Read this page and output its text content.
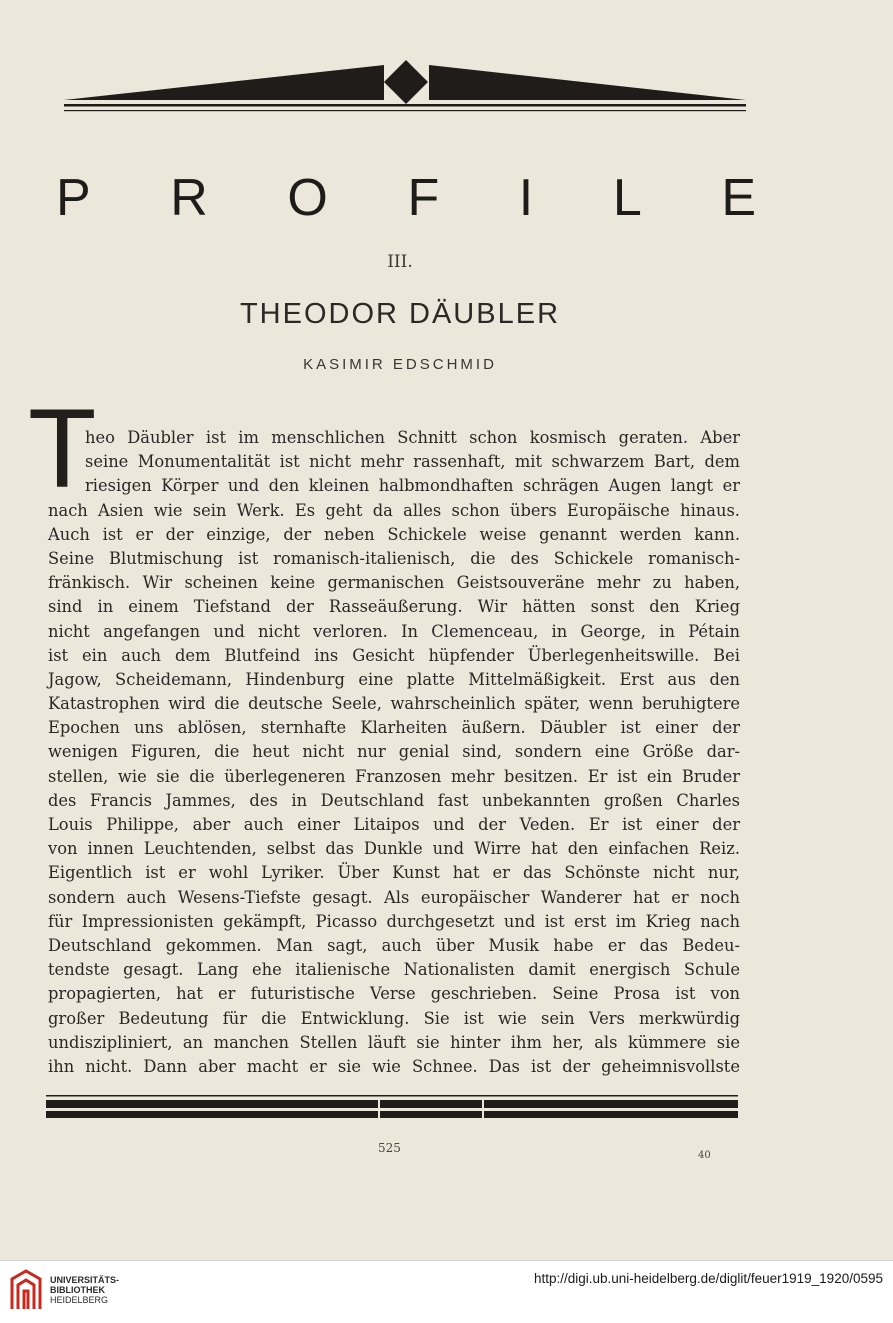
P R O F I L E
III.
THEODOR DÄUBLER
KASIMIR EDSCHMID
T
heo Däubler ist im menschlichen Schnitt schon kosmisch geraten. Aber
seine Monumentalität ist nicht mehr rassenhaft, mit schwarzem Bart, dem
riesigen Körper und den kleinen halbmondhaften schrägen Augen langt er
nach Asien wie sein Werk. Es geht da alles schon übers Europäische hinaus.
Auch ist er der einzige, der neben Schickele weise genannt werden kann.
Seine Blutmischung ist romanisch-italienisch, die des Schickele romanisch-
fränkisch. Wir scheinen keine germanischen Geistsouveräne mehr zu haben,
sind in einem Tiefstand der Rasseäußerung. Wir hätten sonst den Krieg
nicht angefangen und nicht verloren. In Clemenceau, in George, in Pétain
ist ein auch dem Blutfeind ins Gesicht hüpfender Überlegenheitswille. Bei
Jagow, Scheidemann, Hindenburg eine platte Mittelmäßigkeit. Erst aus den
Katastrophen wird die deutsche Seele, wahrscheinlich später, wenn beruhigtere
Epochen uns ablösen, sternhafte Klarheiten äußern. Däubler ist einer der
wenigen Figuren, die heut nicht nur genial sind, sondern eine Größe dar-
stellen, wie sie die überlegeneren Franzosen mehr besitzen. Er ist ein Bruder
des Francis Jammes, des in Deutschland fast unbekannten großen Charles
Louis Philippe, aber auch einer Litaipos und der Veden. Er ist einer der
von innen Leuchtenden, selbst das Dunkle und Wirre hat den einfachen Reiz.
Eigentlich ist er wohl Lyriker. Über Kunst hat er das Schönste nicht nur,
sondern auch Wesens-Tiefste gesagt. Als europäischer Wanderer hat er noch
für Impressionisten gekämpft, Picasso durchgesetzt und ist erst im Krieg nach
Deutschland gekommen. Man sagt, auch über Musik habe er das Bedeu-
tendste gesagt. Lang ehe italienische Nationalisten damit energisch Schule
propagierten, hat er futuristische Verse geschrieben. Seine Prosa ist von
großer Bedeutung für die Entwicklung. Sie ist wie sein Vers merkwürdig
undiszipliniert, an manchen Stellen läuft sie hinter ihm her, als kümmere sie
ihn nicht. Dann aber macht er sie wie Schnee. Das ist der geheimnisvollste
525
40
UNIVERSITÄTS-
BIBLIOTHEK
HEIDELBERG
http://digi.ub.uni-heidelberg.de/diglit/feuer1919_1920/0595
